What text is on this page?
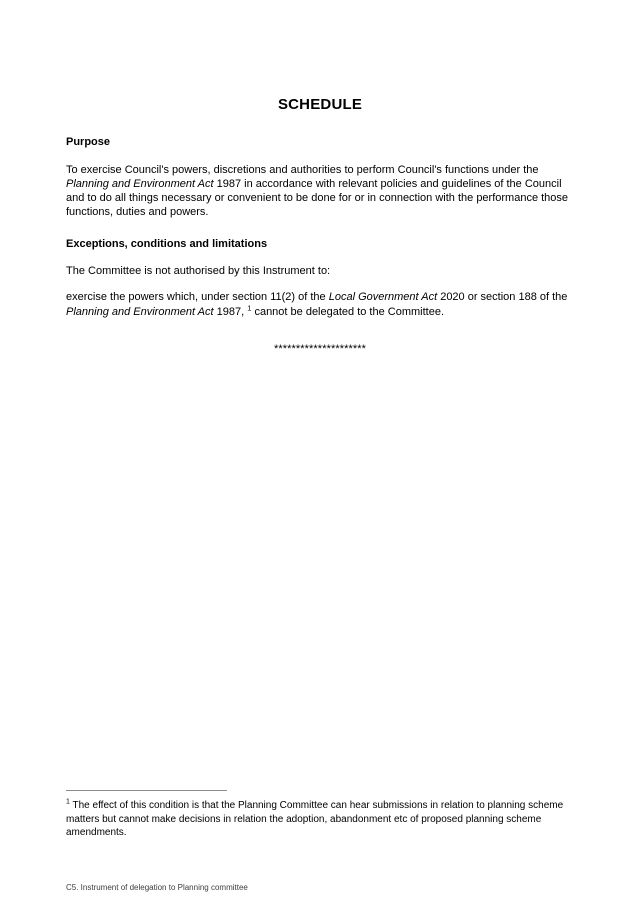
SCHEDULE
Purpose

To exercise Council's powers, discretions and authorities to perform Council's functions under the Planning and Environment Act 1987 in accordance with relevant policies and guidelines of the Council and to do all things necessary or convenient to be done for or in connection with the performance those functions, duties and powers.

Exceptions, conditions and limitations

The Committee is not authorised by this Instrument to:

exercise the powers which, under section 11(2) of the Local Government Act 2020 or section 188 of the Planning and Environment Act 1987, $^1$ cannot be delegated to the Committee.

*********************

$^1$ The effect of this condition is that the Planning Committee can hear submissions in relation to planning scheme matters but cannot make decisions in relation the adoption, abandonment etc of proposed planning scheme amendments.

C5. Instrument of delegation to Planning committee
